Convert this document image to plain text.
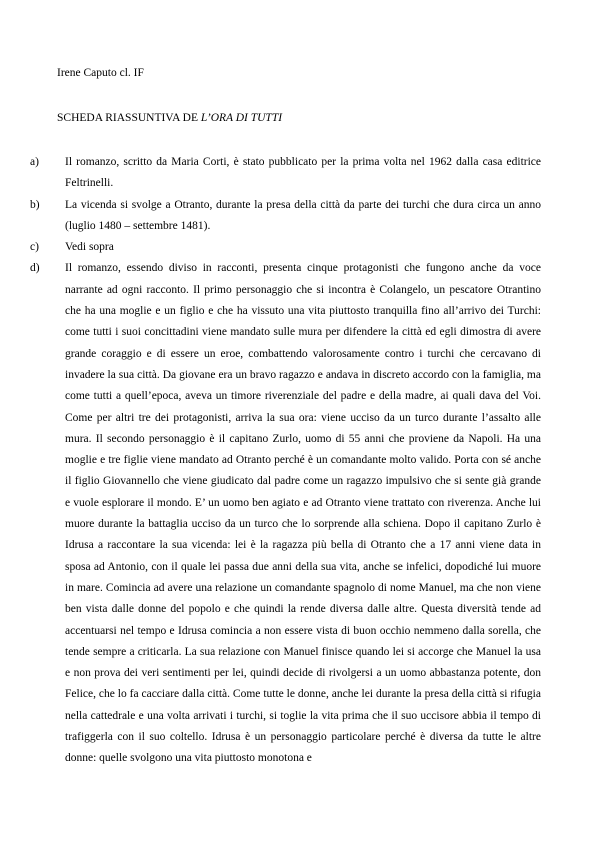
Irene Caputo cl. IF
SCHEDA RIASSUNTIVA DE L’ORA DI TUTTI
a) Il romanzo, scritto da Maria Corti, è stato pubblicato per la prima volta nel 1962 dalla casa editrice Feltrinelli.
b) La vicenda si svolge a Otranto, durante la presa della città da parte dei turchi che dura circa un anno (luglio 1480 – settembre 1481).
c) Vedi sopra
d) Il romanzo, essendo diviso in racconti, presenta cinque protagonisti che fungono anche da voce narrante ad ogni racconto. Il primo personaggio che si incontra è Colangelo, un pescatore Otrantino che ha una moglie e un figlio e che ha vissuto una vita piuttosto tranquilla fino all’arrivo dei Turchi: come tutti i suoi concittadini viene mandato sulle mura per difendere la città ed egli dimostra di avere grande coraggio e di essere un eroe, combattendo valorosamente contro i turchi che cercavano di invadere la sua città. Da giovane era un bravo ragazzo e andava in discreto accordo con la famiglia, ma come tutti a quell’epoca, aveva un timore riverenziale del padre e della madre, ai quali dava del Voi. Come per altri tre dei protagonisti, arriva la sua ora: viene ucciso da un turco durante l’assalto alle mura. Il secondo personaggio è il capitano Zurlo, uomo di 55 anni che proviene da Napoli. Ha una moglie e tre figlie viene mandato ad Otranto perché è un comandante molto valido. Porta con sé anche il figlio Giovannello che viene giudicato dal padre come un ragazzo impulsivo che si sente già grande e vuole esplorare il mondo. E’ un uomo ben agiato e ad Otranto viene trattato con riverenza. Anche lui muore durante la battaglia ucciso da un turco che lo sorprende alla schiena. Dopo il capitano Zurlo è Idrusa a raccontare la sua vicenda: lei è la ragazza più bella di Otranto che a 17 anni viene data in sposa ad Antonio, con il quale lei passa due anni della sua vita, anche se infelici, dopodiché lui muore in mare. Comincia ad avere una relazione un comandante spagnolo di nome Manuel, ma che non viene ben vista dalle donne del popolo e che quindi la rende diversa dalle altre. Questa diversità tende ad accentuarsi nel tempo e Idrusa comincia a non essere vista di buon occhio nemmeno dalla sorella, che tende sempre a criticarla. La sua relazione con Manuel finisce quando lei si accorge che Manuel la usa e non prova dei veri sentimenti per lei, quindi decide di rivolgersi a un uomo abbastanza potente, don Felice, che lo fa cacciare dalla città. Come tutte le donne, anche lei durante la presa della città si rifugia nella cattedrale e una volta arrivati i turchi, si toglie la vita prima che il suo uccisore abbia il tempo di trafiggerla con il suo coltello. Idrusa è un personaggio particolare perché è diversa da tutte le altre donne: quelle svolgono una vita piuttosto monotona e
